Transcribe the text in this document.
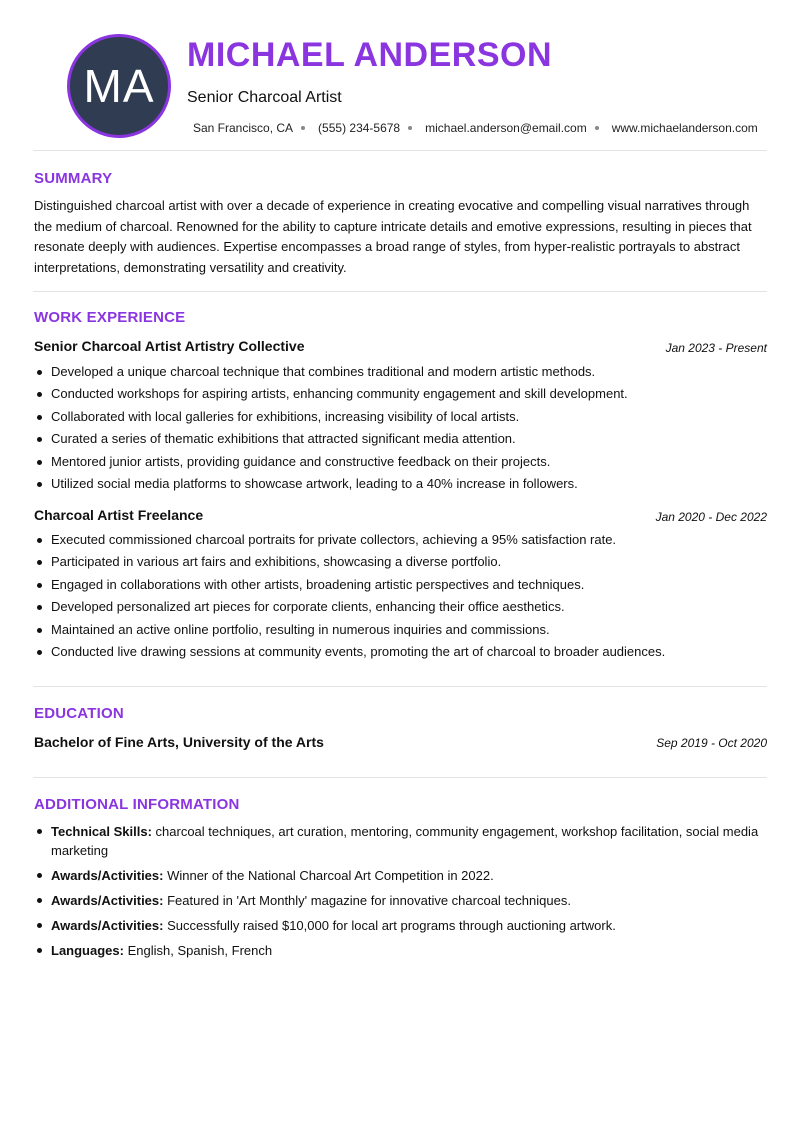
MA
MICHAEL ANDERSON
Senior Charcoal Artist
San Francisco, CA (555) 234-5678 michael.anderson@email.com www.michaelanderson.com
SUMMARY
Distinguished charcoal artist with over a decade of experience in creating evocative and compelling visual narratives through the medium of charcoal. Renowned for the ability to capture intricate details and emotive expressions, resulting in pieces that resonate deeply with audiences. Expertise encompasses a broad range of styles, from hyper-realistic portrayals to abstract interpretations, demonstrating versatility and creativity.
WORK EXPERIENCE
Senior Charcoal Artist Artistry Collective	Jan 2023 - Present
Developed a unique charcoal technique that combines traditional and modern artistic methods.
Conducted workshops for aspiring artists, enhancing community engagement and skill development.
Collaborated with local galleries for exhibitions, increasing visibility of local artists.
Curated a series of thematic exhibitions that attracted significant media attention.
Mentored junior artists, providing guidance and constructive feedback on their projects.
Utilized social media platforms to showcase artwork, leading to a 40% increase in followers.
Charcoal Artist Freelance	Jan 2020 - Dec 2022
Executed commissioned charcoal portraits for private collectors, achieving a 95% satisfaction rate.
Participated in various art fairs and exhibitions, showcasing a diverse portfolio.
Engaged in collaborations with other artists, broadening artistic perspectives and techniques.
Developed personalized art pieces for corporate clients, enhancing their office aesthetics.
Maintained an active online portfolio, resulting in numerous inquiries and commissions.
Conducted live drawing sessions at community events, promoting the art of charcoal to broader audiences.
EDUCATION
Bachelor of Fine Arts, University of the Arts	Sep 2019 - Oct 2020
ADDITIONAL INFORMATION
Technical Skills: charcoal techniques, art curation, mentoring, community engagement, workshop facilitation, social media marketing
Awards/Activities: Winner of the National Charcoal Art Competition in 2022.
Awards/Activities: Featured in 'Art Monthly' magazine for innovative charcoal techniques.
Awards/Activities: Successfully raised $10,000 for local art programs through auctioning artwork.
Languages: English, Spanish, French
